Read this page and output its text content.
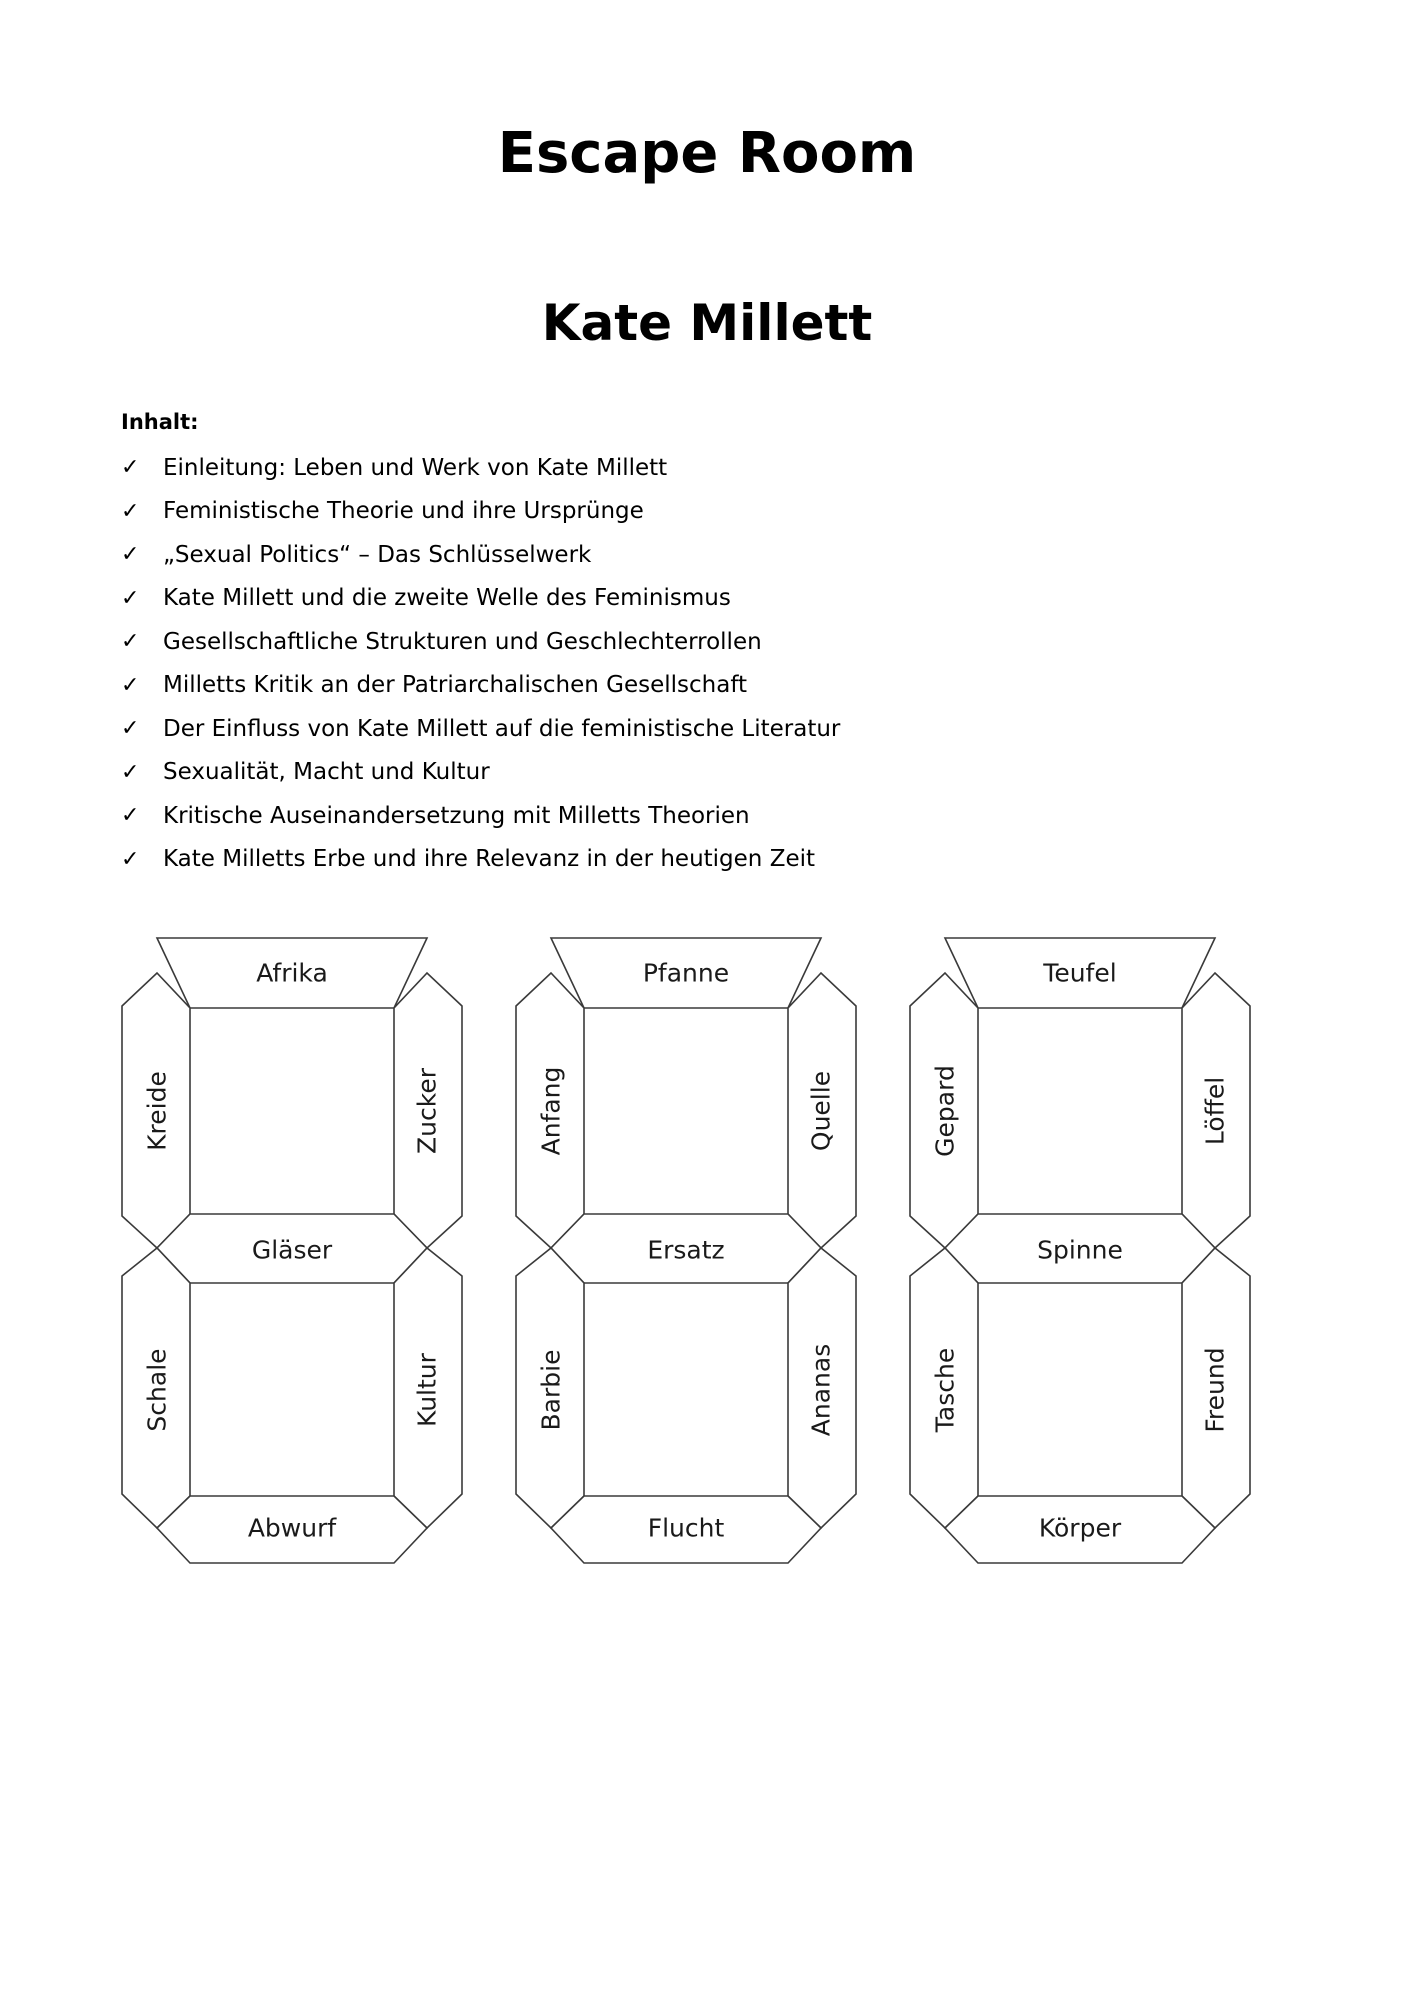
Escape Room
Kate Millett
Inhalt:
✓	Einleitung: Leben und Werk von Kate Millett
✓	Feministische Theorie und ihre Ursprünge
✓	„Sexual Politics“ – Das Schlüsselwerk
✓	Kate Millett und die zweite Welle des Feminismus
✓	Gesellschaftliche Strukturen und Geschlechterrollen
✓	Milletts Kritik an der Patriarchalischen Gesellschaft
✓	Der Einfluss von Kate Millett auf die feministische Literatur
✓	Sexualität, Macht und Kultur
✓	Kritische Auseinandersetzung mit Milletts Theorien
✓	Kate Milletts Erbe und ihre Relevanz in der heutigen Zeit
Afrika
Kreide	Zucker
Gläser
Schale	Kultur
Abwurf
Pfanne
Anfang	Quelle
Ersatz
Barbie	Ananas
Flucht
Teufel
Gepard	Löffel
Spinne
Tasche	Freund
Körper
